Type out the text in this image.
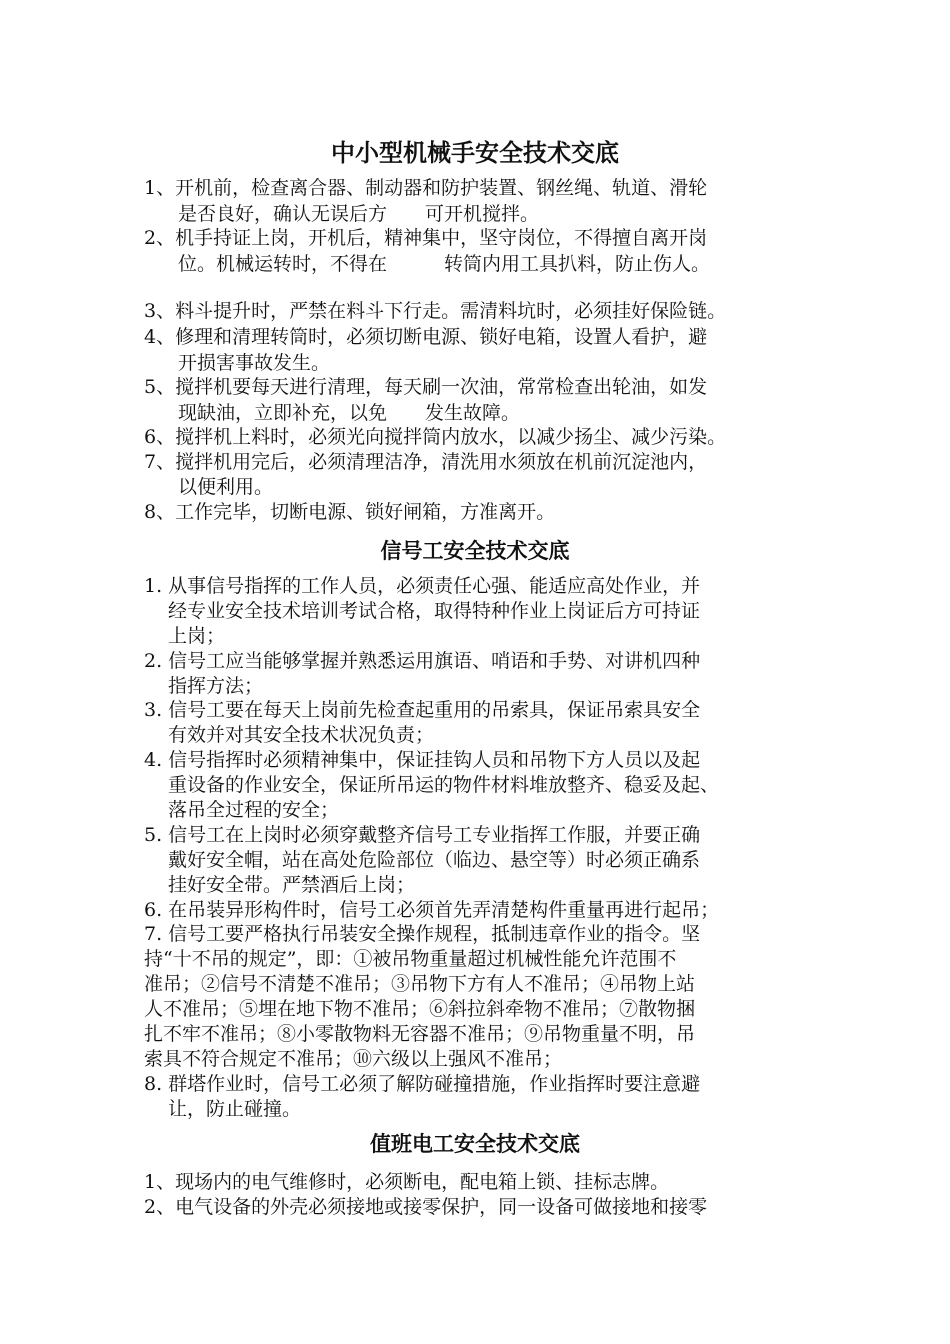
中小型机械手安全技术交底
1、开机前，检查离合器、制动器和防护装置、钢丝绳、轨道、滑轮
是否良好，确认无误后方　　可开机搅拌。
2、机手持证上岗，开机后，精神集中，坚守岗位，不得擅自离开岗
位。机械运转时，不得在　　　转筒内用工具扒料，防止伤人。
3、料斗提升时，严禁在料斗下行走。需清料坑时，必须挂好保险链。
4、修理和清理转筒时，必须切断电源、锁好电箱，设置人看护，避
开损害事故发生。
5、搅拌机要每天进行清理，每天刷一次油，常常检查出轮油，如发
现缺油，立即补充，以免　　发生故障。
6、搅拌机上料时，必须光向搅拌筒内放水，以减少扬尘、减少污染。
7、搅拌机用完后，必须清理洁净，清洗用水须放在机前沉淀池内，
以便利用。
8、工作完毕，切断电源、锁好闸箱，方准离开。
信号工安全技术交底
1. 从事信号指挥的工作人员，必须责任心强、能适应高处作业，并
经专业安全技术培训考试合格，取得特种作业上岗证后方可持证
上岗；
2. 信号工应当能够掌握并熟悉运用旗语、哨语和手势、对讲机四种
指挥方法；
3. 信号工要在每天上岗前先检查起重用的吊索具，保证吊索具安全
有效并对其安全技术状况负责；
4. 信号指挥时必须精神集中，保证挂钩人员和吊物下方人员以及起
重设备的作业安全，保证所吊运的物件材料堆放整齐、稳妥及起、
落吊全过程的安全；
5. 信号工在上岗时必须穿戴整齐信号工专业指挥工作服，并要正确
戴好安全帽，站在高处危险部位（临边、悬空等）时必须正确系
挂好安全带。严禁酒后上岗；
6. 在吊装异形构件时，信号工必须首先弄清楚构件重量再进行起吊；
7. 信号工要严格执行吊装安全操作规程，抵制违章作业的指令。坚
持“十不吊的规定”，即：①被吊物重量超过机械性能允许范围不
准吊；②信号不清楚不准吊；③吊物下方有人不准吊；④吊物上站
人不准吊；⑤埋在地下物不准吊；⑥斜拉斜牵物不准吊；⑦散物捆
扎不牢不准吊；⑧小零散物料无容器不准吊；⑨吊物重量不明，吊
索具不符合规定不准吊；⑩六级以上强风不准吊；
8. 群塔作业时，信号工必须了解防碰撞措施，作业指挥时要注意避
让，防止碰撞。
值班电工安全技术交底
1、现场内的电气维修时，必须断电，配电箱上锁、挂标志牌。
2、电气设备的外壳必须接地或接零保护，同一设备可做接地和接零
